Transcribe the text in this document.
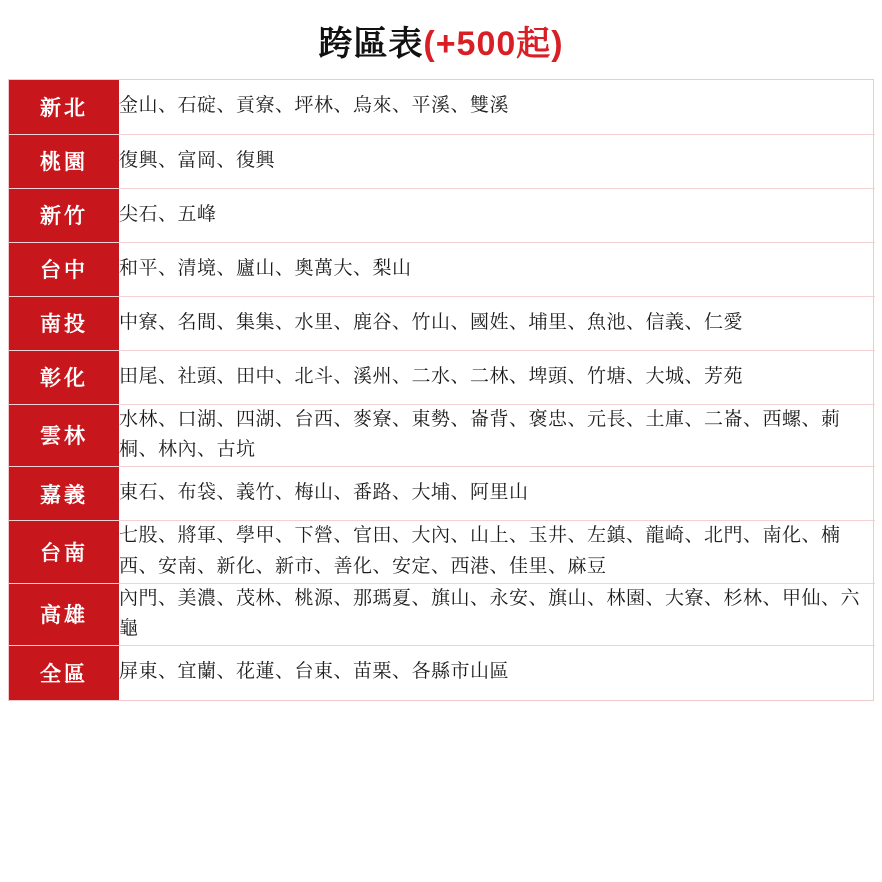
跨區表(+500起)
新北	金山、石碇、貢寮、坪林、烏來、平溪、雙溪
桃園	復興、富岡、復興
新竹	尖石、五峰
台中	和平、清境、廬山、奧萬大、梨山
南投	中寮、名間、集集、水里、鹿谷、竹山、國姓、埔里、魚池、信義、仁愛
彰化	田尾、社頭、田中、北斗、溪州、二水、二林、埤頭、竹塘、大城、芳苑
雲林	水林、口湖、四湖、台西、麥寮、東勢、崙背、褒忠、元長、土庫、二崙、西螺、莿桐、林內、古坑
嘉義	東石、布袋、義竹、梅山、番路、大埔、阿里山
台南	七股、將軍、學甲、下營、官田、大內、山上、玉井、左鎮、龍崎、北門、南化、楠西、安南、新化、新市、善化、安定、西港、佳里、麻豆
高雄	內門、美濃、茂林、桃源、那瑪夏、旗山、永安、旗山、林園、大寮、杉林、甲仙、六龜
全區	屏東、宜蘭、花蓮、台東、苗栗、各縣市山區
